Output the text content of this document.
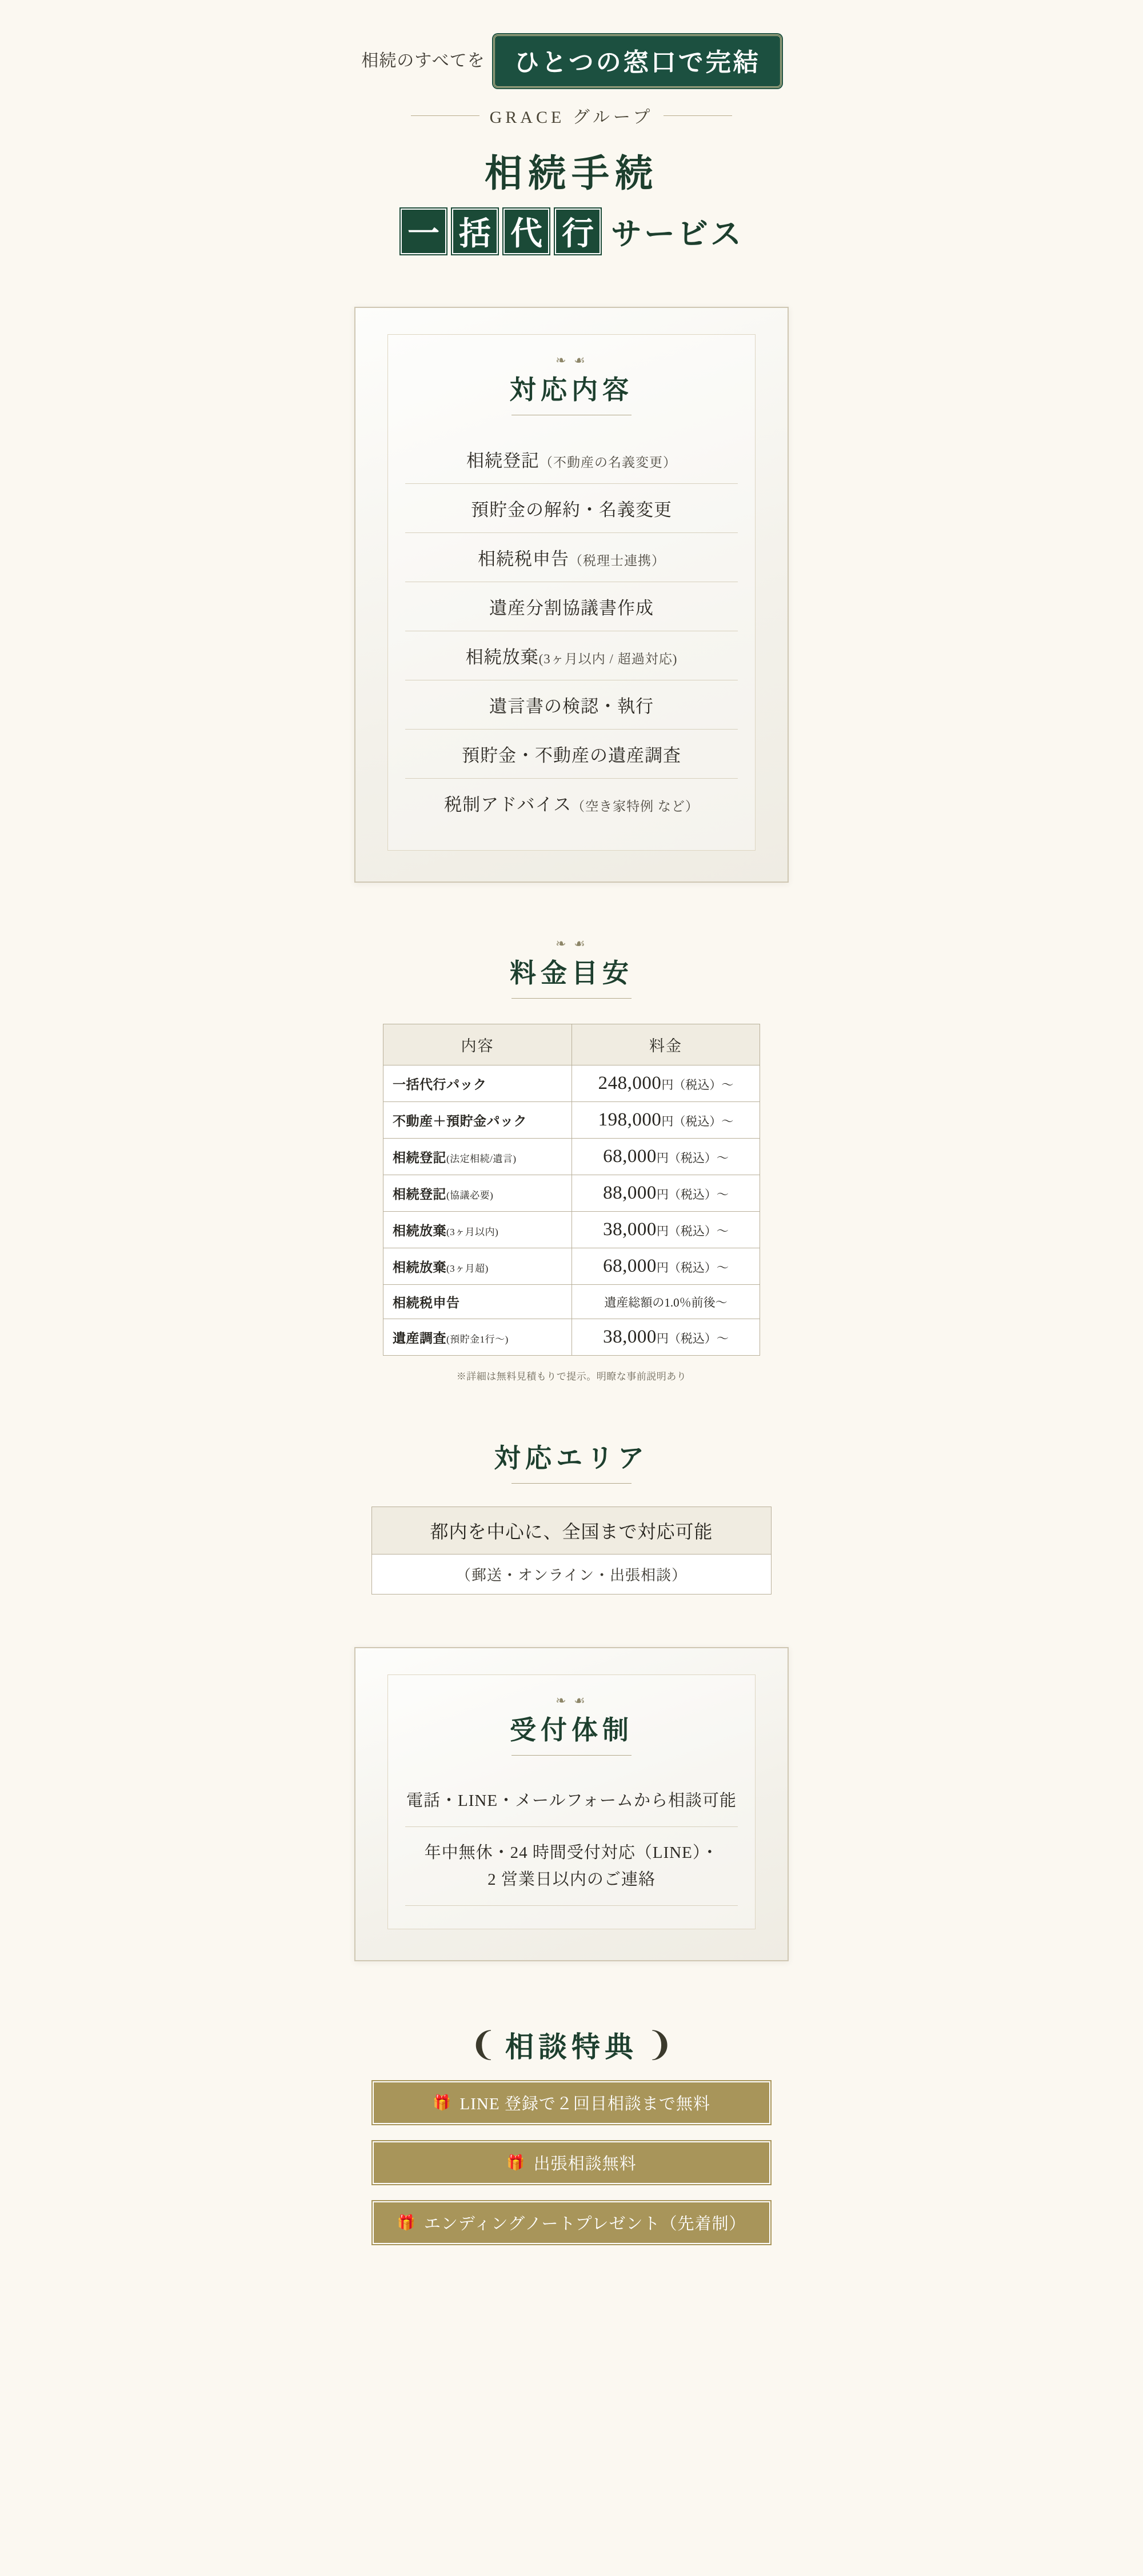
相続のすべてを	ひとつの窓口で完結
GRACE グループ
相続手続
一 括 代 行 サービス
❧ ☙
対応内容
相続登記（不動産の名義変更）
預貯金の解約・名義変更
相続税申告（税理士連携）
遺産分割協議書作成
相続放棄(3ヶ月以内 / 超過対応)
遺言書の検認・執行
預貯金・不動産の遺産調査
税制アドバイス（空き家特例 など）
❧ ☙
料金目安
内容	料金
一括代行パック	248,000円（税込）〜
不動産＋預貯金パック	198,000円（税込）〜
相続登記(法定相続/遺言)	68,000円（税込）〜
相続登記(協議必要)	88,000円（税込）〜
相続放棄(3ヶ月以内)	38,000円（税込）〜
相続放棄(3ヶ月超)	68,000円（税込）〜
相続税申告	遺産総額の1.0％前後〜
遺産調査(預貯金1行〜)	38,000円（税込）〜
※詳細は無料見積もりで提示。明瞭な事前説明あり
対応エリア
都内を中心に、全国まで対応可能
（郵送・オンライン・出張相談）
❧ ☙
受付体制
電話・LINE・メールフォームから相談可能
年中無休・24 時間受付対応（LINE）・
2 営業日以内のご連絡
❨ 相談特典 ❩
🎁 LINE 登録で２回目相談まで無料
🎁 出張相談無料
🎁 エンディングノートプレゼント（先着制）
